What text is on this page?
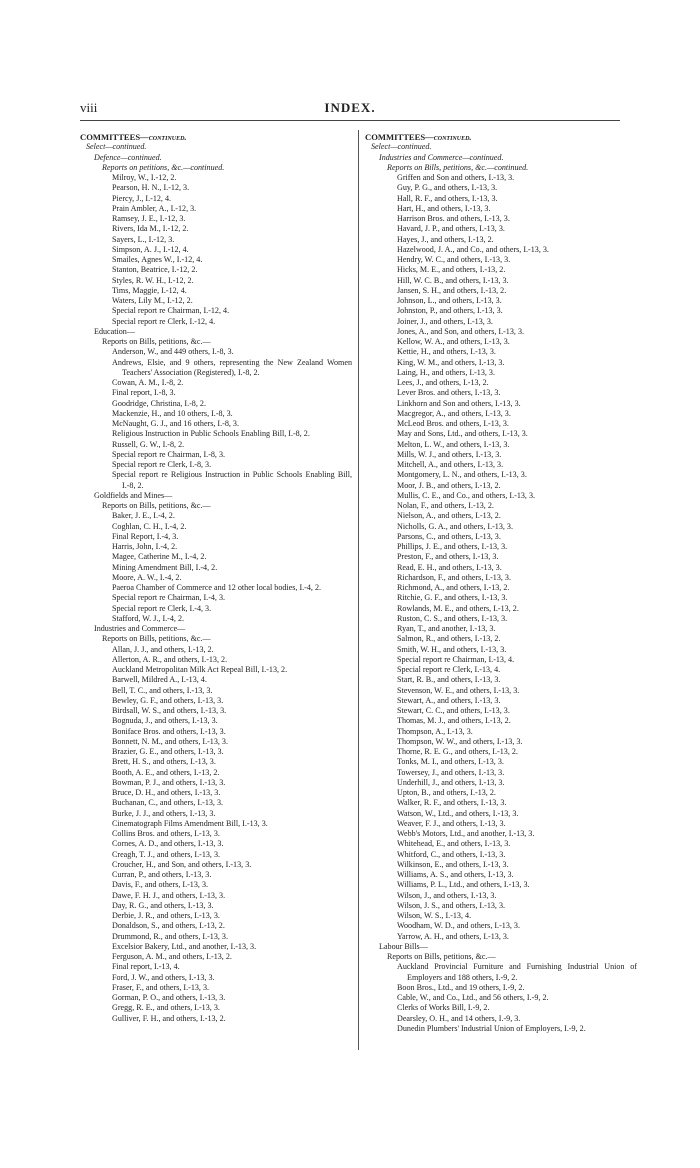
viii	INDEX.
COMMITTEES—continued.
Select—continued.
Defence—continued.
Reports on petitions, &c.—continued.
Milroy, W., I.-12, 2.
Pearson, H. N., I.-12, 3.
Piercy, J., I.-12, 4.
Prain Ambler, A., I.-12, 3.
Ramsey, J. E., I.-12, 3.
Rivers, Ida M., I.-12, 2.
Sayers, L., I.-12, 3.
Simpson, A. J., I.-12, 4.
Smailes, Agnes W., I.-12, 4.
Stanton, Beatrice, I.-12, 2.
Styles, R. W. H., I.-12, 2.
Tims, Maggie, I.-12, 4.
Waters, Lily M., I.-12, 2.
Special report re Chairman, I.-12, 4.
Special report re Clerk, I.-12, 4.
Education—
Reports on Bills, petitions, &c.—
Anderson, W., and 449 others, I.-8, 3.
Andrews, Elsie, and 9 others, representing the New Zealand Women Teachers' Association (Registered), I.-8, 2.
Cowan, A. M., I.-8, 2.
Final report, I.-8, 3.
Goodridge, Christina, I.-8, 2.
Mackenzie, H., and 10 others, I.-8, 3.
McNaught, G. J., and 16 others, I.-8, 3.
Religious Instruction in Public Schools Enabling Bill, I.-8, 2.
Russell, G. W., I.-8, 2.
Special report re Chairman, I.-8, 3.
Special report re Clerk, I.-8, 3.
Special report re Religious Instruction in Public Schools Enabling Bill, I.-8, 2.
Goldfields and Mines—
Reports on Bills, petitions, &c.—
Baker, J. E., I.-4, 2.
Coghlan, C. H., I.-4, 2.
Final Report, I.-4, 3.
Harris, John, I.-4, 2.
Magee, Catherine M., I.-4, 2.
Mining Amendment Bill, I.-4, 2.
Moore, A. W., I.-4, 2.
Paeroa Chamber of Commerce and 12 other local bodies, I.-4, 2.
Special report re Chairman, I.-4, 3.
Special report re Clerk, I.-4, 3.
Stafford, W. J., I.-4, 2.
Industries and Commerce—
Reports on Bills, petitions, &c.—
Allan, J. J., and others, I.-13, 2.
Allerton, A. R., and others, I.-13, 2.
Auckland Metropolitan Milk Act Repeal Bill, I.-13, 2.
Barwell, Mildred A., I.-13, 4.
Bell, T. C., and others, I.-13, 3.
Bewley, G. F., and others, I.-13, 3.
Birdsall, W. S., and others, I.-13, 3.
Bognuda, J., and others, I.-13, 3.
Boniface Bros. and others, I.-13, 3.
Bonnett, N. M., and others, I.-13, 3.
Brazier, G. E., and others, I.-13, 3.
Brett, H. S., and others, I.-13, 3.
Booth, A. E., and others, I.-13, 2.
Bowman, P. J., and others, I.-13, 3.
Bruce, D. H., and others, I.-13, 3.
Buchanan, C., and others, I.-13, 3.
Burke, J. J., and others, I.-13, 3.
Cinematograph Films Amendment Bill, I.-13, 3.
Collins Bros. and others, I.-13, 3.
Cornes, A. D., and others, I.-13, 3.
Creagh, T. J., and others, I.-13, 3.
Croucher, H., and Son, and others, I.-13, 3.
Curran, P., and others, I.-13, 3.
Davis, F., and others, I.-13, 3.
Dawe, F. H. J., and others, I.-13, 3.
Day, R. G., and others, I.-13, 3.
Derbie, J. R., and others, I.-13, 3.
Donaldson, S., and others, I.-13, 2.
Drummond, R., and others, I.-13, 3.
Excelsior Bakery, Ltd., and another, I.-13, 3.
Ferguson, A. M., and others, I.-13, 2.
Final report, I.-13, 4.
Ford, J. W., and others, I.-13, 3.
Fraser, F., and others, I.-13, 3.
Gorman, P. O., and others, I.-13, 3.
Gregg, R. E., and others, I.-13, 3.
Gulliver, F. H., and others, I.-13, 2.
COMMITTEES—continued.
Select—continued.
Industries and Commerce—continued.
Reports on Bills, petitions, &c.—continued.
Griffen and Son and others, I.-13, 3.
Guy, P. G., and others, I.-13, 3.
Hall, R. F., and others, I.-13, 3.
Hart, H., and others, I.-13, 3.
Harrison Bros. and others, I.-13, 3.
Havard, J. P., and others, I.-13, 3.
Hayes, J., and others, I.-13, 2.
Hazelwood, J. A., and Co., and others, I.-13, 3.
Hendry, W. C., and others, I.-13, 3.
Hicks, M. E., and others, I.-13, 2.
Hill, W. C. B., and others, I.-13, 3.
Jansen, S. H., and others, I.-13, 2.
Johnson, L., and others, I.-13, 3.
Johnston, P., and others, I.-13, 3.
Joiner, J., and others, I.-13, 3.
Jones, A., and Son, and others, I.-13, 3.
Kellow, W. A., and others, I.-13, 3.
Kettie, H., and others, I.-13, 3.
King, W. M., and others, I.-13, 3.
Laing, H., and others, I.-13, 3.
Lees, J., and others, I.-13, 2.
Lever Bros. and others, I.-13, 3.
Linkhorn and Son and others, I.-13, 3.
Macgregor, A., and others, I.-13, 3.
McLeod Bros. and others, I.-13, 3.
May and Sons, Ltd., and others, I.-13, 3.
Melton, L. W., and others, I.-13, 3.
Mills, W. J., and others, I.-13, 3.
Mitchell, A., and others, I.-13, 3.
Montgomery, L. N., and others, I.-13, 3.
Moor, J. B., and others, I.-13, 2.
Mullis, C. E., and Co., and others, I.-13, 3.
Nolan, F., and others, I.-13, 2.
Nielson, A., and others, I.-13, 2.
Nicholls, G. A., and others, I.-13, 3.
Parsons, C., and others, I.-13, 3.
Phillips, J. E., and others, I.-13, 3.
Preston, F., and others, I.-13, 3.
Read, E. H., and others, I.-13, 3.
Richardson, F., and others, I.-13, 3.
Richmond, A., and others, I.-13, 2.
Ritchie, G. F., and others, I.-13, 3.
Rowlands, M. E., and others, I.-13, 2.
Ruston, C. S., and others, I.-13, 3.
Ryan, T., and another, I.-13, 3.
Salmon, R., and others, I.-13, 2.
Smith, W. H., and others, I.-13, 3.
Special report re Chairman, I.-13, 4.
Special report re Clerk, I.-13, 4.
Start, R. B., and others, I.-13, 3.
Stevenson, W. E., and others, I.-13, 3.
Stewart, A., and others, I.-13, 3.
Stewart, C. C., and others, I.-13, 3.
Thomas, M. J., and others, I.-13, 2.
Thompson, A., I.-13, 3.
Thompson, W. W., and others, I.-13, 3.
Thorne, R. E. G., and others, I.-13, 2.
Tonks, M. I., and others, I.-13, 3.
Towersey, J., and others, I.-13, 3.
Underhill, J., and others, I.-13, 3.
Upton, B., and others, I.-13, 2.
Walker, R. F., and others, I.-13, 3.
Watson, W., Ltd., and others, I.-13, 3.
Weaver, F. J., and others, I.-13, 3.
Webb's Motors, Ltd., and another, I.-13, 3.
Whitehead, E., and others, I.-13, 3.
Whitford, C., and others, I.-13, 3.
Wilkinson, E., and others, I.-13, 3.
Williams, A. S., and others, I.-13, 3.
Williams, P. L., Ltd., and others, I.-13, 3.
Wilson, J., and others, I.-13, 3.
Wilson, J. S., and others, I.-13, 3.
Wilson, W. S., I.-13, 4.
Woodham, W. D., and others, I.-13, 3.
Yarrow, A. H., and others, I.-13, 3.
Labour Bills—
Reports on Bills, petitions, &c.—
Auckland Provincial Furniture and Furnishing Industrial Union of Employers and 188 others, I.-9, 2.
Boon Bros., Ltd., and 19 others, I.-9, 2.
Cable, W., and Co., Ltd., and 56 others, I.-9, 2.
Clerks of Works Bill, I.-9, 2.
Dearsley, O. H., and 14 others, I.-9, 3.
Dunedin Plumbers' Industrial Union of Employers, I.-9, 2.
